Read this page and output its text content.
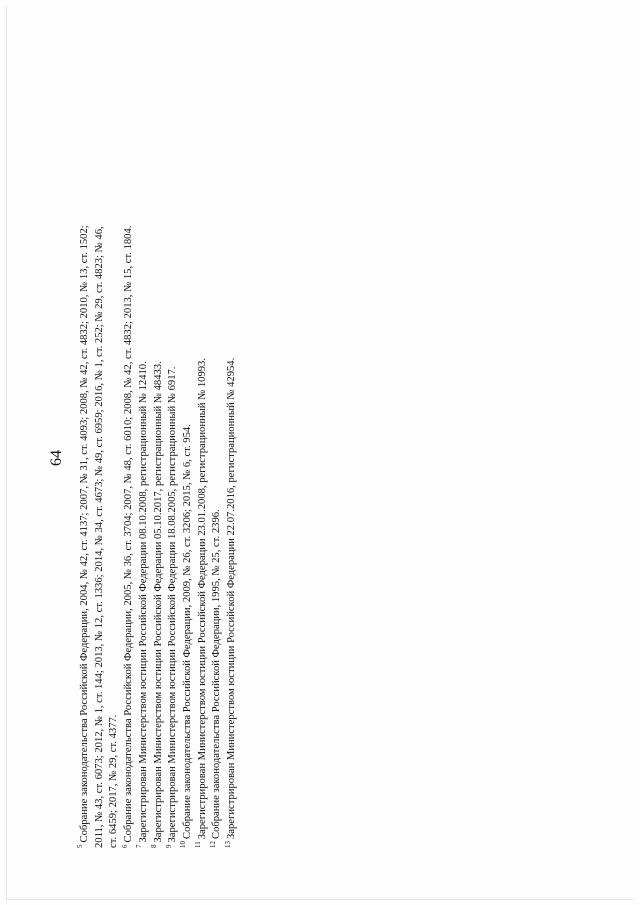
64
$^5$Собрание законодательства Российской Федерации, 2004, № 42, ст. 4137; 2007, № 31, ст. 4093; 2008, № 42, ст. 4832; 2010, № 13, ст. 1502; 2011, № 43, ст. 6073; 2012, № 1, ст. 144; 2013, № 12, ст. 1336; 2014, № 34, ст. 4673; № 49, ст. 6959; 2016, № 1, ст. 252; № 29, ст. 4823; № 46, ст. 6459; 2017, № 29, ст. 4377. $^6$Собрание законодательства Российской Федерации, 2005, № 36, ст. 3704; 2007, № 48, ст. 6010; 2008, № 42, ст. 4832; 2013, № 15, ст. 1804.
$^7$Зарегистрирован Министерством юстиции Российской Федерации 08.10.2008, регистрационный № 12410.
$^8$Зарегистрирован Министерством юстиции Российской Федерации 05.10.2017, регистрационный № 48433.
$^9$Зарегистрирован Министерством юстиции Российской Федерации 18.08.2005, регистрационный № 6917.
$^{10}$Собрание законодательства Российской Федерации, 2009, № 26, ст. 3206; 2015, № 6, ст. 954.
$^{11}$Зарегистрирован Министерством юстиции Российской Федерации 23.01.2008, регистрационный № 10993.
$^{12}$Собрание законодательства Российской Федерации, 1995, № 25, ст. 2396.
$^{13}$Зарегистрирован Министерством юстиции Российской Федерации 22.07.2016, регистрационный № 42954.
